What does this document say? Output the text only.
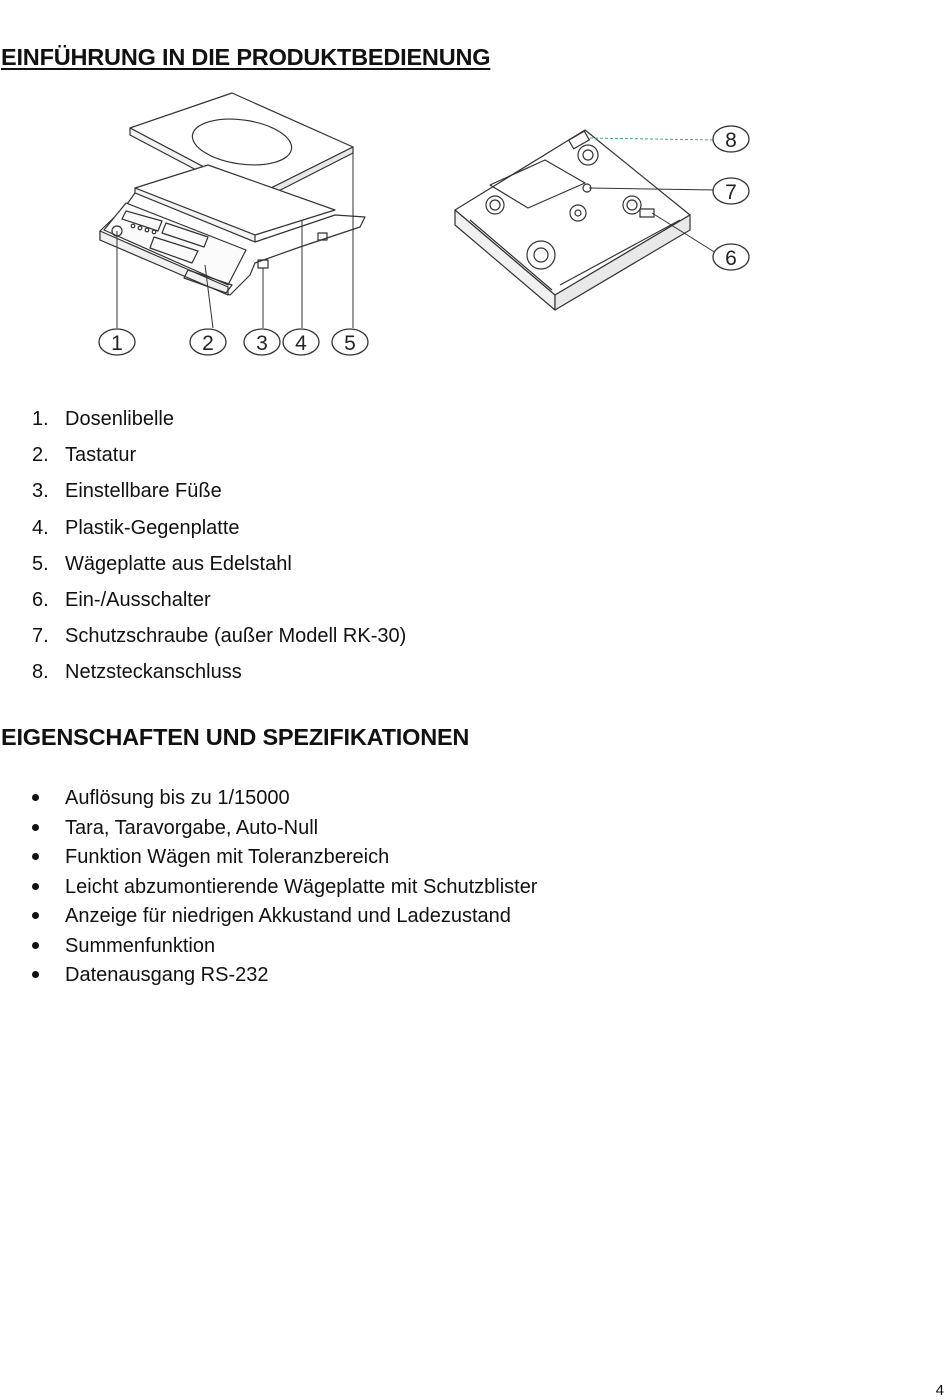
EINFÜHRUNG IN DIE PRODUKTBEDIENUNG
1	2 3 4 5
6
7
8
1. Dosenlibelle
2. Tastatur
3. Einstellbare Füße
4. Plastik-Gegenplatte
5. Wägeplatte aus Edelstahl
6. Ein-/Ausschalter
7. Schutzschraube (außer Modell RK-30)
8. Netzsteckanschluss
EIGENSCHAFTEN UND SPEZIFIKATIONEN
Auflösung bis zu 1/15000
Tara, Taravorgabe, Auto-Null
Funktion Wägen mit Toleranzbereich
Leicht abzumontierende Wägeplatte mit Schutzblister
Anzeige für niedrigen Akkustand und Ladezustand
Summenfunktion
Datenausgang RS-232
4
